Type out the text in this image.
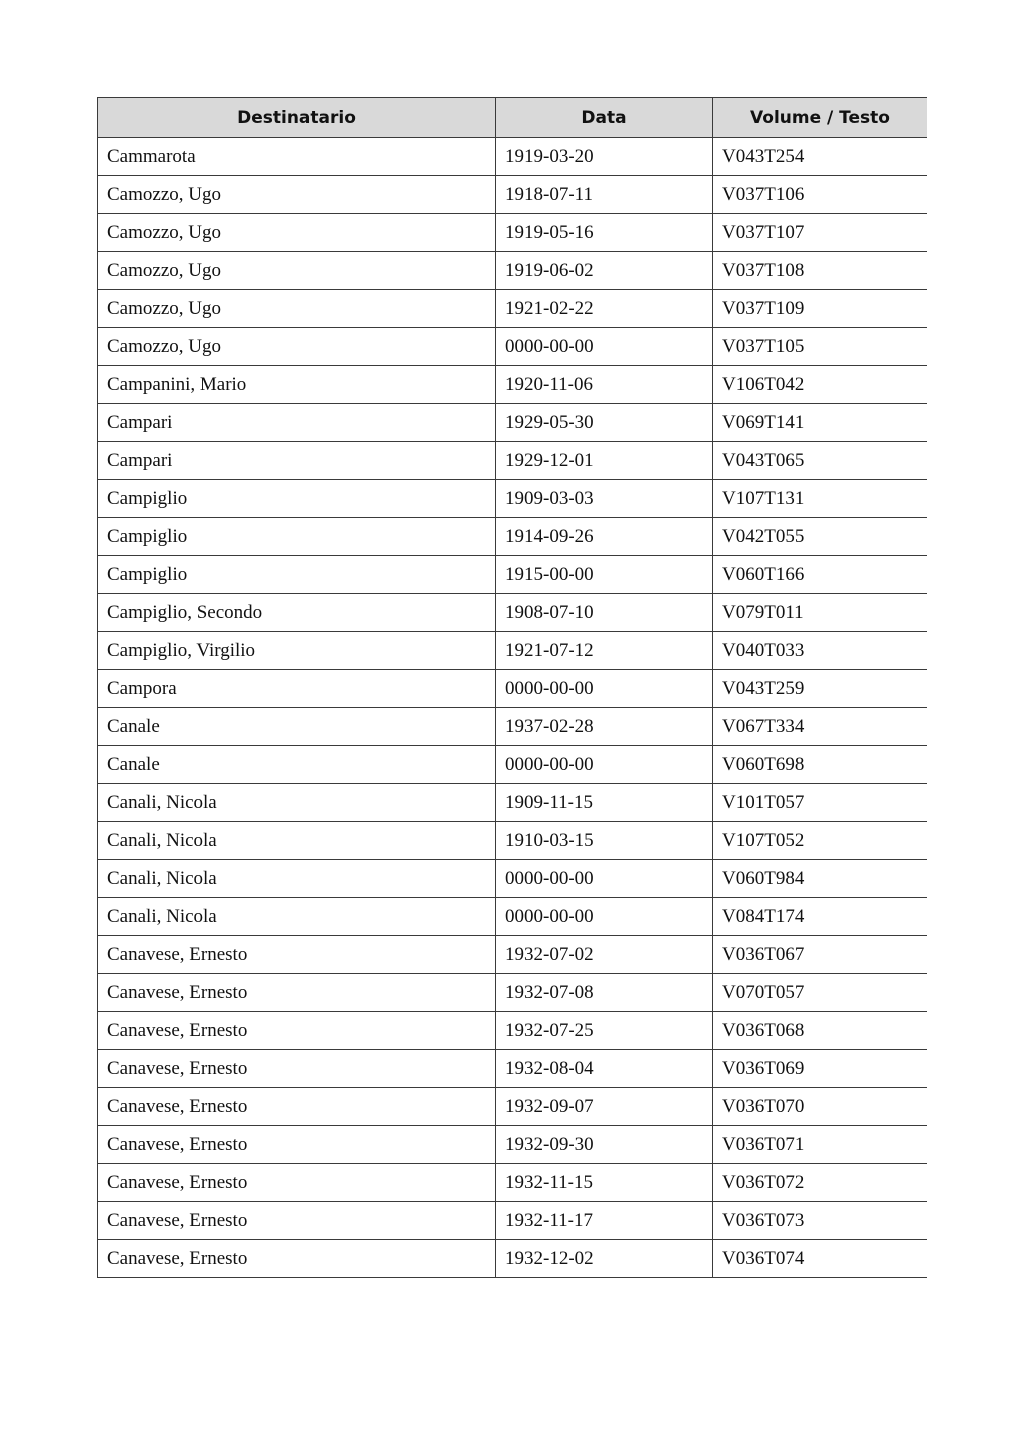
Destinatario	Data	Volume / Testo
Cammarota	1919-03-20	V043T254
Camozzo, Ugo	1918-07-11	V037T106
Camozzo, Ugo	1919-05-16	V037T107
Camozzo, Ugo	1919-06-02	V037T108
Camozzo, Ugo	1921-02-22	V037T109
Camozzo, Ugo	0000-00-00	V037T105
Campanini, Mario	1920-11-06	V106T042
Campari	1929-05-30	V069T141
Campari	1929-12-01	V043T065
Campiglio	1909-03-03	V107T131
Campiglio	1914-09-26	V042T055
Campiglio	1915-00-00	V060T166
Campiglio, Secondo	1908-07-10	V079T011
Campiglio, Virgilio	1921-07-12	V040T033
Campora	0000-00-00	V043T259
Canale	1937-02-28	V067T334
Canale	0000-00-00	V060T698
Canali, Nicola	1909-11-15	V101T057
Canali, Nicola	1910-03-15	V107T052
Canali, Nicola	0000-00-00	V060T984
Canali, Nicola	0000-00-00	V084T174
Canavese, Ernesto	1932-07-02	V036T067
Canavese, Ernesto	1932-07-08	V070T057
Canavese, Ernesto	1932-07-25	V036T068
Canavese, Ernesto	1932-08-04	V036T069
Canavese, Ernesto	1932-09-07	V036T070
Canavese, Ernesto	1932-09-30	V036T071
Canavese, Ernesto	1932-11-15	V036T072
Canavese, Ernesto	1932-11-17	V036T073
Canavese, Ernesto	1932-12-02	V036T074
